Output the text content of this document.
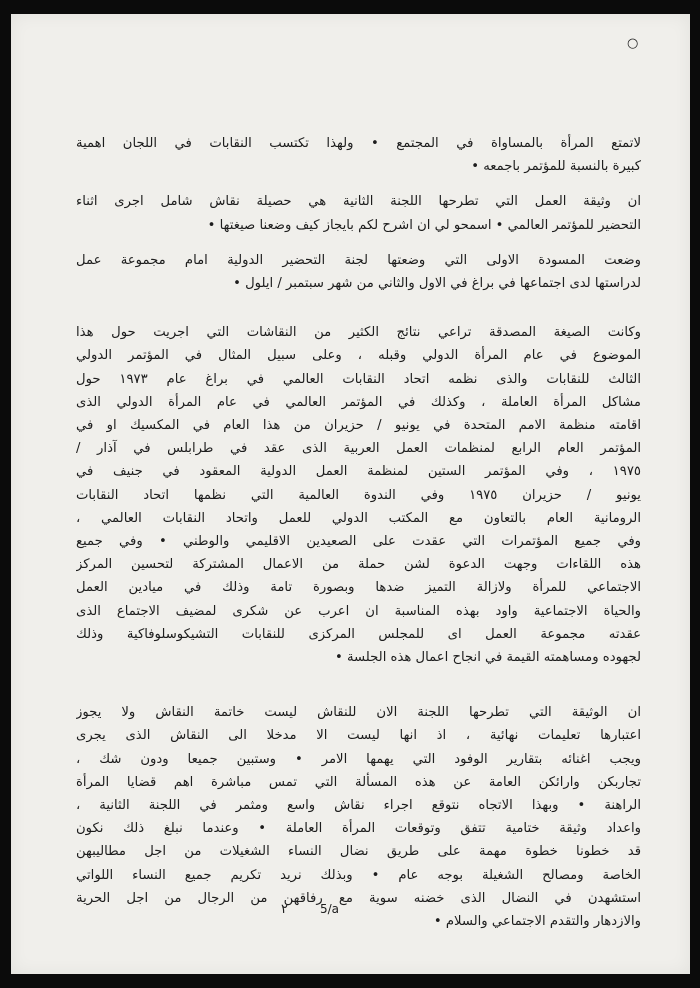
○
لاتمتع المرأة بالمساواة في المجتمع • ولهذا تكتسب النقابات في اللجان اهمية
كبيرة بالنسبة للمؤتمر باجمعه •
ان وثيقة العمل التي تطرحها اللجنة الثانية هي حصيلة نقاش شامل اجرى اثناء
التحضير للمؤتمر العالمي • اسمحو لي ان اشرح لكم بايجاز كيف وضعنا صيغتها •
وضعت المسودة الاولى التي وضعتها لجنة التحضير الدولية امام مجموعة عمل
لدراستها لدى اجتماعها في براغ في الاول والثاني من شهر سبتمبر / ايلول •
وكانت الصيغة المصدقة تراعي نتائج الكثير من النقاشات التي اجريت حول هذا
الموضوع في عام المرأة الدولي وقبله ، وعلى سبيل المثال في المؤتمر الدولي
الثالث للنقابات والذى نظمه اتحاد النقابات العالمي في براغ عام ١٩٧٣ حول
مشاكل المرأة العاملة ، وكذلك في المؤتمر العالمي في عام المرأة الدولي الذى
اقامته منظمة الامم المتحدة في يونيو / حزيران من هذا العام في المكسيك او في
المؤتمر العام الرابع لمنظمات العمل العربية الذى عقد في طرابلس في آذار /
١٩٧٥ ، وفي المؤتمر الستين لمنظمة العمل الدولية المعقود في جنيف في
يونيو / حزيران ١٩٧٥ وفي الندوة العالمية التي نظمها اتحاد النقابات
الرومانية العام بالتعاون مع المكتب الدولي للعمل واتحاد النقابات العالمي ،
وفي جميع المؤتمرات التي عقدت على الصعيدين الاقليمي والوطني • وفي جميع
هذه اللقاءات وجهت الدعوة لشن حملة من الاعمال المشتركة لتحسين المركز
الاجتماعي للمرأة ولازالة التميز ضدها وبصورة تامة وذلك في ميادين العمل
والحياة الاجتماعية واود بهذه المناسبة ان اعرب عن شكرى لمضيف الاجتماع الذى
عقدته مجموعة العمل اى للمجلس المركزى للنقابات التشيكوسلوفاكية وذلك
لجهوده ومساهمته القيمة في انجاح اعمال هذه الجلسة •
ان الوثيقة التي تطرحها اللجنة الان للنقاش ليست خاتمة النقاش ولا يجوز
اعتبارها تعليمات نهائية ، اذ انها ليست الا مدخلا الى النقاش الذى يجرى
ويجب اغنائه بتقارير الوفود التي يهمها الامر • وستبين جميعا ودون شك ،
تجاربكن وارائكن العامة عن هذه المسألة التي تمس مباشرة اهم قضايا المرأة
الراهنة • وبهذا الاتجاه نتوقع اجراء نقاش واسع ومثمر في اللجنة الثانية ،
واعداد وثيقة ختامية تتفق وتوقعات المرأة العاملة • وعندما نبلغ ذلك نكون
قد خطونا خطوة مهمة على طريق نضال النساء الشغيلات من اجل مطاليبهن
الخاصة ومصالح الشغيلة بوجه عام • وبذلك نريد تكريم جميع النساء اللواتي
استشهدن في النضال الذى خضنه سوية مع رفاقهن من الرجال من اجل الحرية
والازدهار والتقدم الاجتماعي والسلام •
٢	5/a
